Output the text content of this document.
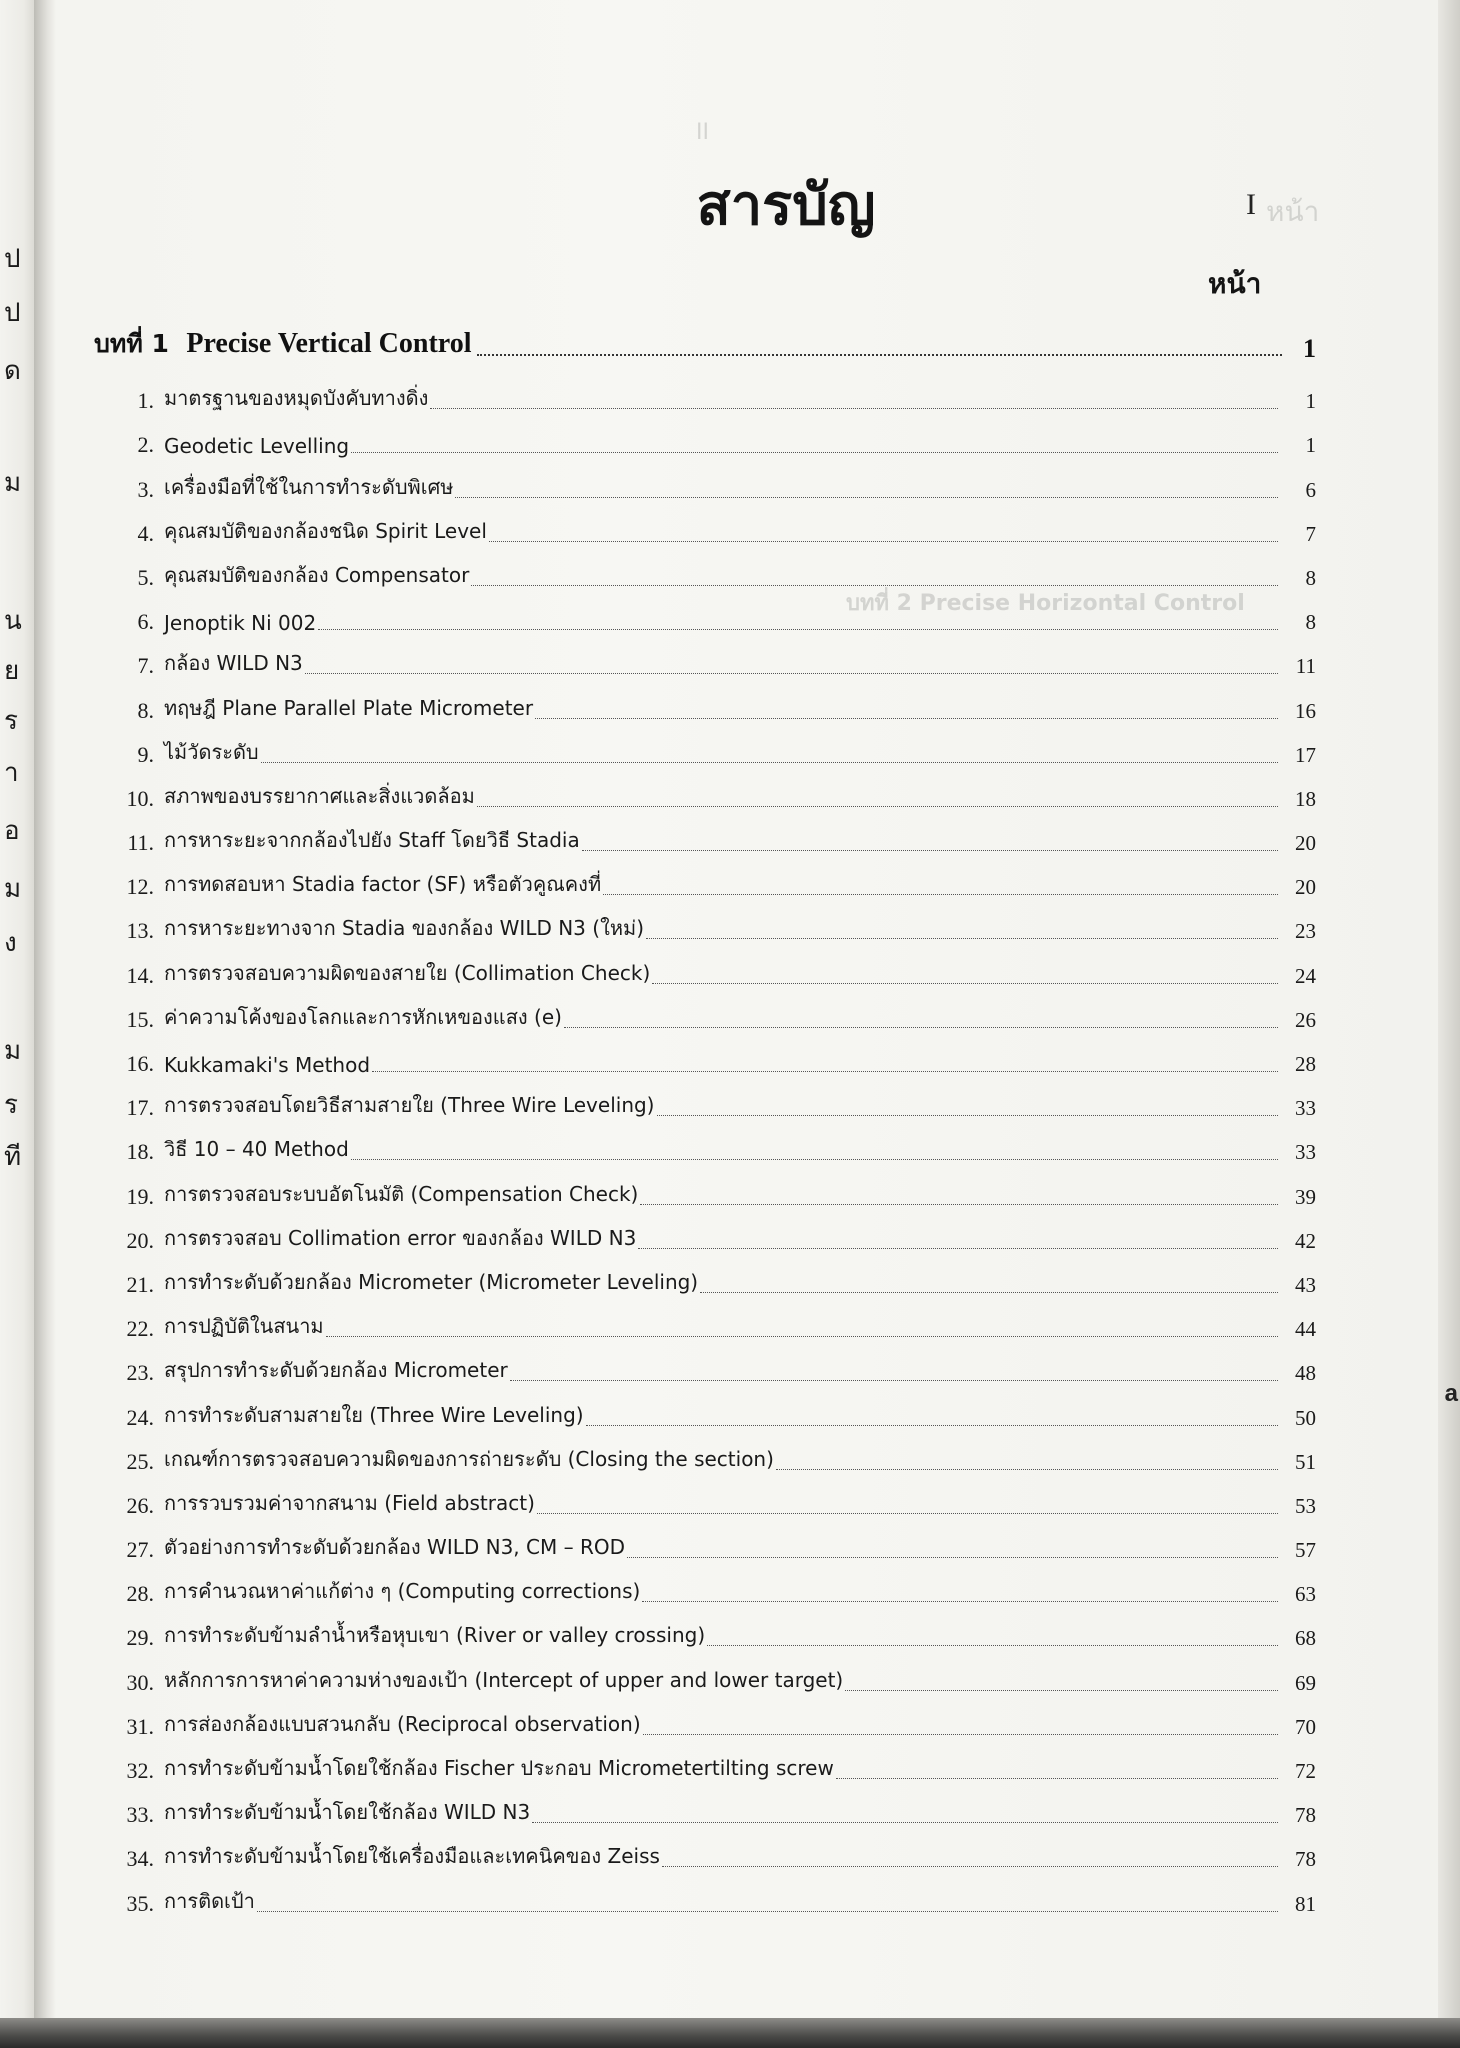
ป
ป
ด
ม
น
ย
ร
า
อ
ม
ง
ม
ร
ที
II
หน้า
บทที่ 2 Precise Horizontal Control
สารบัญ	I
หน้า
บทที่ 1 Precise Vertical Control	1
1. มาตรฐานของหมุดบังคับทางดิ่ง	1
2. Geodetic Levelling	1
3. เครื่องมือที่ใช้ในการทำระดับพิเศษ	6
4. คุณสมบัติของกล้องชนิด Spirit Level	7
5. คุณสมบัติของกล้อง Compensator	8
6. Jenoptik Ni 002	8
7. กล้อง WILD N3	11
8. ทฤษฎี Plane Parallel Plate Micrometer	16
9. ไม้วัดระดับ	17
10. สภาพของบรรยากาศและสิ่งแวดล้อม	18
11. การหาระยะจากกล้องไปยัง Staff โดยวิธี Stadia	20
12. การทดสอบหา Stadia factor (SF) หรือตัวคูณคงที่	20
13. การหาระยะทางจาก Stadia ของกล้อง WILD N3 (ใหม่)	23
14. การตรวจสอบความผิดของสายใย (Collimation Check)	24
15. ค่าความโค้งของโลกและการหักเหของแสง (e)	26
16. Kukkamaki's Method	28
17. การตรวจสอบโดยวิธีสามสายใย (Three Wire Leveling)	33
18. วิธี 10 – 40 Method	33
19. การตรวจสอบระบบอัตโนมัติ (Compensation Check)	39
20. การตรวจสอบ Collimation error ของกล้อง WILD N3	42
21. การทำระดับด้วยกล้อง Micrometer (Micrometer Leveling)	43
22. การปฏิบัติในสนาม	44
23. สรุปการทำระดับด้วยกล้อง Micrometer	48
24. การทำระดับสามสายใย (Three Wire Leveling)	50
25. เกณฑ์การตรวจสอบความผิดของการถ่ายระดับ (Closing the section)	51
26. การรวบรวมค่าจากสนาม (Field abstract)	53
27. ตัวอย่างการทำระดับด้วยกล้อง WILD N3, CM – ROD	57
28. การคำนวณหาค่าแก้ต่าง ๆ (Computing corrections)	63
29. การทำระดับข้ามลำน้ำหรือหุบเขา (River or valley crossing)	68
30. หลักการการหาค่าความห่างของเป้า (Intercept of upper and lower target)	69
31. การส่องกล้องแบบสวนกลับ (Reciprocal observation)	70
32. การทำระดับข้ามน้ำโดยใช้กล้อง Fischer ประกอบ Micrometertilting screw	72
33. การทำระดับข้ามน้ำโดยใช้กล้อง WILD N3	78
34. การทำระดับข้ามน้ำโดยใช้เครื่องมือและเทคนิคของ Zeiss	78
35. การติดเป้า	81
a
